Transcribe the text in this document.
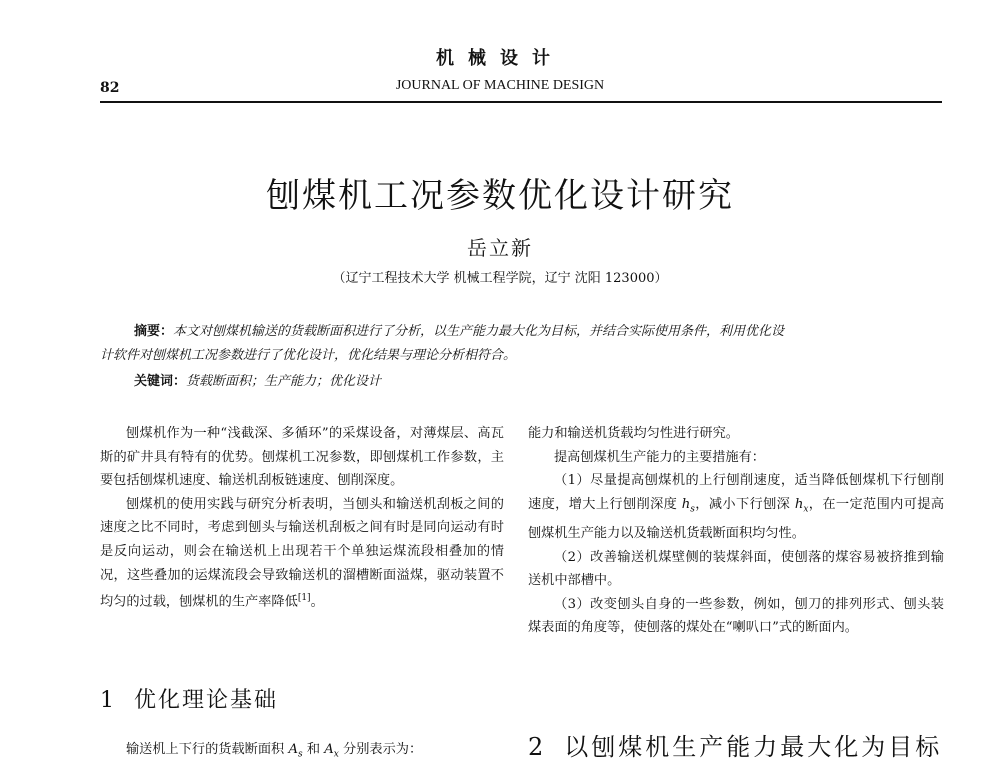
机械设计
82	JOURNAL OF MACHINE DESIGN
刨煤机工况参数优化设计研究
岳立新
（辽宁工程技术大学 机械工程学院，辽宁 沈阳 123000）
摘要：本文对刨煤机输送的货载断面积进行了分析，以生产能力最大化为目标，并结合实际使用条件，利用优化设
计软件对刨煤机工况参数进行了优化设计，优化结果与理论分析相符合。
关键词：货载断面积；生产能力；优化设计

刨煤机作为一种“浅截深、多循环”的采煤设备，对薄煤层、高瓦斯的矿井具有特有的优势。刨煤机工况参数，即刨煤机工作参数，主要包括刨煤机速度、输送机刮板链速度、刨削深度。

刨煤机的使用实践与研究分析表明，当刨头和输送机刮板之间的速度之比不同时，考虑到刨头与输送机刮板之间有时是同向运动有时是反向运动，则会在输送机上出现若干个单独运煤流段相叠加的情况，这些叠加的运煤流段会导致输送机的溜槽断面溢煤，驱动装置不均匀的过载，刨煤机的生产率降低[1]。

1 优化理论基础
输送机上下行的货载断面积 $A_s$ 和 $A_x$ 分别表示为：

能力和输送机货载均匀性进行研究。

提高刨煤机生产能力的主要措施有：

（1）尽量提高刨煤机的上行刨削速度，适当降低刨煤机下行刨削速度，增大上行刨削深度 $h_s$，减小下行刨深 $h_x$，在一定范围内可提高刨煤机生产能力以及输送机货载断面积均匀性。

（2）改善输送机煤壁侧的装煤斜面，使刨落的煤容易被挤推到输送机中部槽中。

（3）改变刨头自身的一些参数，例如，刨刀的排列形式、刨头装煤表面的角度等，使刨落的煤处在“喇叭口”式的断面内。

2 以刨煤机生产能力最大化为目标
